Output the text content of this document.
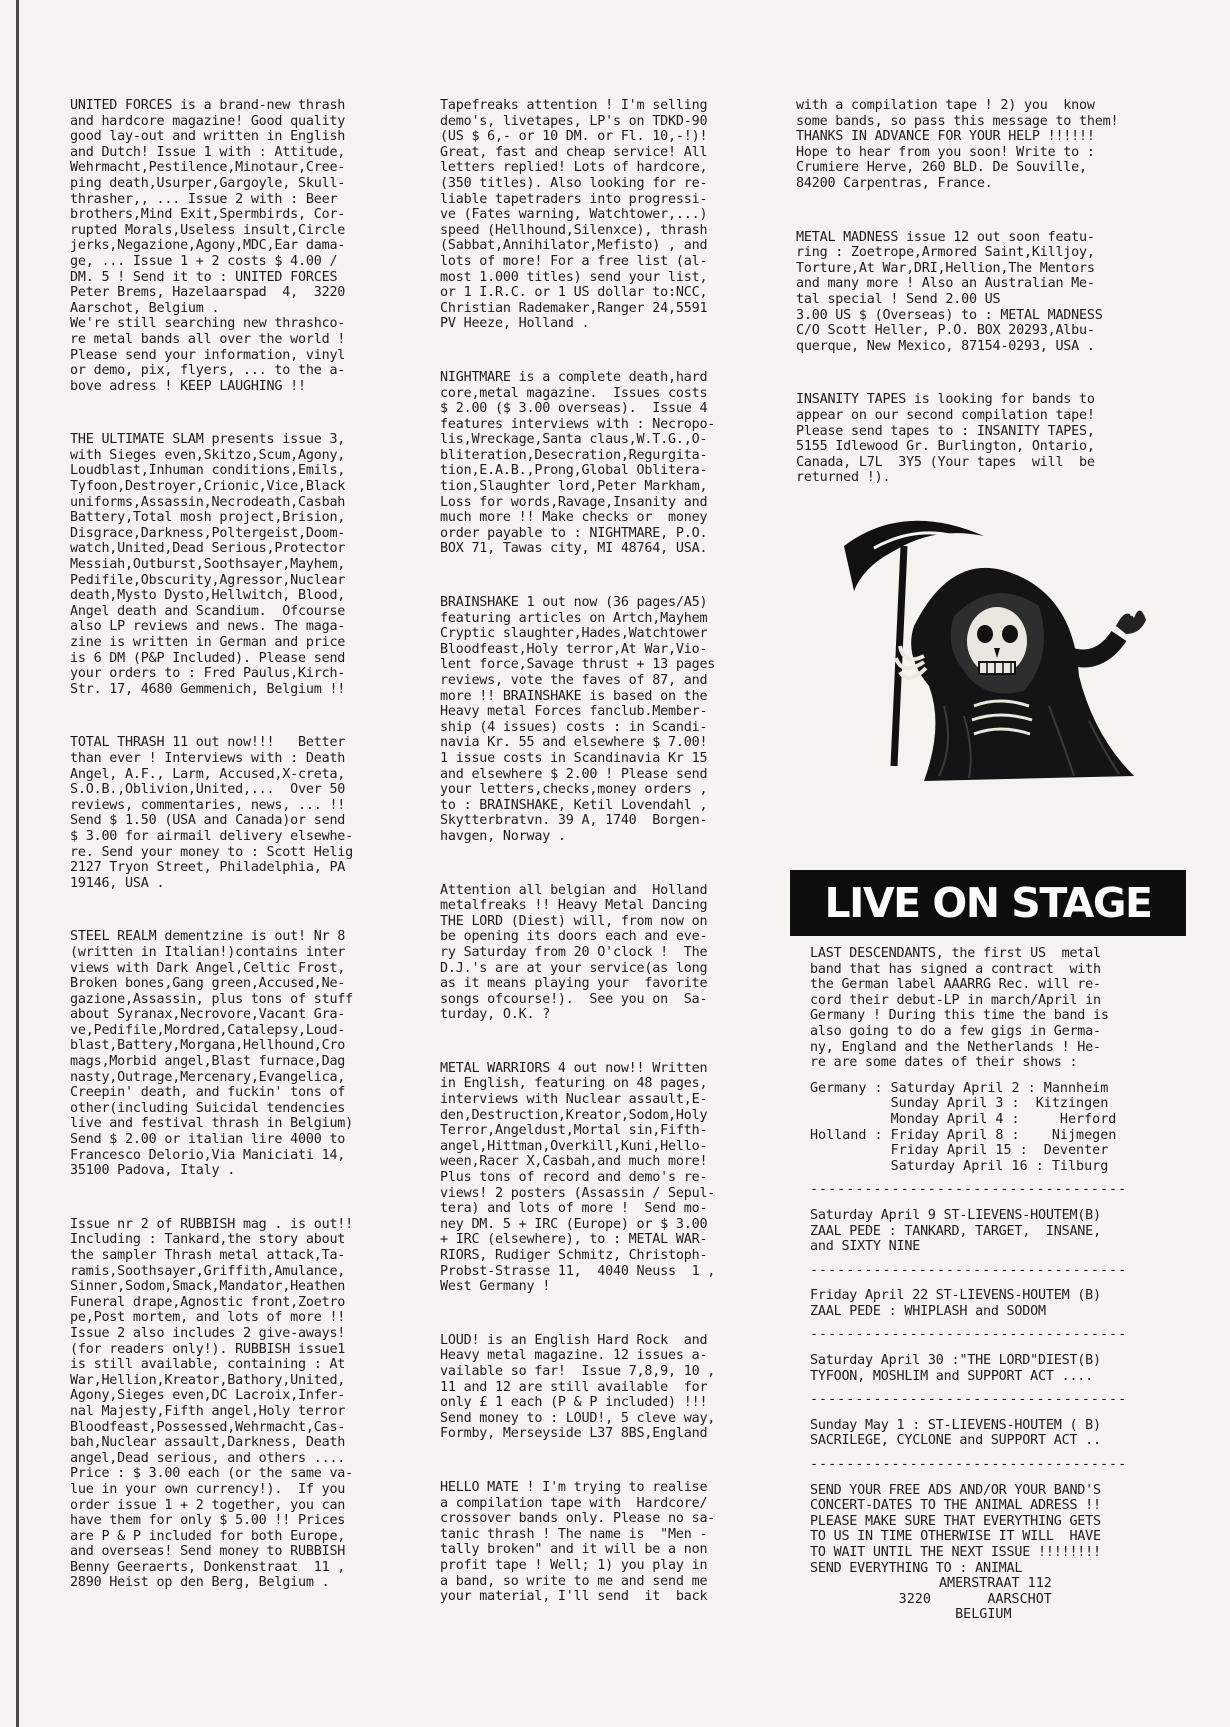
UNITED FORCES is a brand-new thrash
and hardcore magazine! Good quality
good lay-out and written in English
and Dutch! Issue 1 with : Attitude,
Wehrmacht,Pestilence,Minotaur,Cree-
ping death,Usurper,Gargoyle, Skull-
thrasher,, ... Issue 2 with : Beer
brothers,Mind Exit,Spermbirds, Cor-
rupted Morals,Useless insult,Circle
jerks,Negazione,Agony,MDC,Ear dama-
ge, ... Issue 1 + 2 costs $ 4.00 /
DM. 5 ! Send it to : UNITED FORCES
Peter Brems, Hazelaarspad  4,  3220
Aarschot, Belgium .
We're still searching new thrashco-
re metal bands all over the world !
Please send your information, vinyl
or demo, pix, flyers, ... to the a-
bove adress ! KEEP LAUGHING !!

THE ULTIMATE SLAM presents issue 3,
with Sieges even,Skitzo,Scum,Agony,
Loudblast,Inhuman conditions,Emils,
Tyfoon,Destroyer,Crionic,Vice,Black
uniforms,Assassin,Necrodeath,Casbah
Battery,Total mosh project,Brision,
Disgrace,Darkness,Poltergeist,Doom-
watch,United,Dead Serious,Protector
Messiah,Outburst,Soothsayer,Mayhem,
Pedifile,Obscurity,Agressor,Nuclear
death,Mysto Dysto,Hellwitch, Blood,
Angel death and Scandium.  Ofcourse
also LP reviews and news. The maga-
zine is written in German and price
is 6 DM (P&P Included). Please send
your orders to : Fred Paulus,Kirch-
Str. 17, 4680 Gemmenich, Belgium !!

TOTAL THRASH 11 out now!!!   Better
than ever ! Interviews with : Death
Angel, A.F., Larm, Accused,X-creta,
S.O.B.,Oblivion,United,...  Over 50
reviews, commentaries, news, ... !!
Send $ 1.50 (USA and Canada)or send
$ 3.00 for airmail delivery elsewhe-
re. Send your money to : Scott Helig
2127 Tryon Street, Philadelphia, PA
19146, USA .

STEEL REALM dementzine is out! Nr 8
(written in Italian!)contains inter
views with Dark Angel,Celtic Frost,
Broken bones,Gang green,Accused,Ne-
gazione,Assassin, plus tons of stuff
about Syranax,Necrovore,Vacant Gra-
ve,Pedifile,Mordred,Catalepsy,Loud-
blast,Battery,Morgana,Hellhound,Cro
mags,Morbid angel,Blast furnace,Dag
nasty,Outrage,Mercenary,Evangelica,
Creepin' death, and fuckin' tons of
other(including Suicidal tendencies
live and festival thrash in Belgium)
Send $ 2.00 or italian lire 4000 to
Francesco Delorio,Via Maniciati 14,
35100 Padova, Italy .

Issue nr 2 of RUBBISH mag . is out!!
Including : Tankard,the story about
the sampler Thrash metal attack,Ta-
ramis,Soothsayer,Griffith,Amulance,
Sinner,Sodom,Smack,Mandator,Heathen
Funeral drape,Agnostic front,Zoetro
pe,Post mortem, and lots of more !!
Issue 2 also includes 2 give-aways!
(for readers only!). RUBBISH issue1
is still available, containing : At
War,Hellion,Kreator,Bathory,United,
Agony,Sieges even,DC Lacroix,Infer-
nal Majesty,Fifth angel,Holy terror
Bloodfeast,Possessed,Wehrmacht,Cas-
bah,Nuclear assault,Darkness, Death
angel,Dead serious, and others ....
Price : $ 3.00 each (or the same va-
lue in your own currency!).  If you
order issue 1 + 2 together, you can
have them for only $ 5.00 !! Prices
are P & P included for both Europe,
and overseas! Send money to RUBBISH
Benny Geeraerts, Donkenstraat  11 ,
2890 Heist op den Berg, Belgium .

Tapefreaks attention ! I'm selling
demo's, livetapes, LP's on TDKD-90
(US $ 6,- or 10 DM. or Fl. 10,-!)!
Great, fast and cheap service! All
letters replied! Lots of hardcore,
(350 titles). Also looking for re-
liable tapetraders into progressi-
ve (Fates warning, Watchtower,...)
speed (Hellhound,Silenxce), thrash
(Sabbat,Annihilator,Mefisto) , and
lots of more! For a free list (al-
most 1.000 titles) send your list,
or 1 I.R.C. or 1 US dollar to:NCC,
Christian Rademaker,Ranger 24,5591
PV Heeze, Holland .

NIGHTMARE is a complete death,hard
core,metal magazine.  Issues costs
$ 2.00 ($ 3.00 overseas).  Issue 4
features interviews with : Necropo-
lis,Wreckage,Santa claus,W.T.G.,O-
bliteration,Desecration,Regurgita-
tion,E.A.B.,Prong,Global Oblitera-
tion,Slaughter lord,Peter Markham,
Loss for words,Ravage,Insanity and
much more !! Make checks or  money
order payable to : NIGHTMARE, P.O.
BOX 71, Tawas city, MI 48764, USA.

BRAINSHAKE 1 out now (36 pages/A5)
featuring articles on Artch,Mayhem
Cryptic slaughter,Hades,Watchtower
Bloodfeast,Holy terror,At War,Vio-
lent force,Savage thrust + 13 pages
reviews, vote the faves of 87, and
more !! BRAINSHAKE is based on the
Heavy metal Forces fanclub.Member-
ship (4 issues) costs : in Scandi-
navia Kr. 55 and elsewhere $ 7.00!
1 issue costs in Scandinavia Kr 15
and elsewhere $ 2.00 ! Please send
your letters,checks,money orders ,
to : BRAINSHAKE, Ketil Lovendahl ,
Skytterbratvn. 39 A, 1740  Borgen-
havgen, Norway .

Attention all belgian and  Holland
metalfreaks !! Heavy Metal Dancing
THE LORD (Diest) will, from now on
be opening its doors each and eve-
ry Saturday from 20 O'clock !  The
D.J.'s are at your service(as long
as it means playing your  favorite
songs ofcourse!).  See you on  Sa-
turday, O.K. ?

METAL WARRIORS 4 out now!! Written
in English, featuring on 48 pages,
interviews with Nuclear assault,E-
den,Destruction,Kreator,Sodom,Holy
Terror,Angeldust,Mortal sin,Fifth-
angel,Hittman,Overkill,Kuni,Hello-
ween,Racer X,Casbah,and much more!
Plus tons of record and demo's re-
views! 2 posters (Assassin / Sepul-
tera) and lots of more !  Send mo-
ney DM. 5 + IRC (Europe) or $ 3.00
+ IRC (elsewhere), to : METAL WAR-
RIORS, Rudiger Schmitz, Christoph-
Probst-Strasse 11,  4040 Neuss  1 ,
West Germany !

LOUD! is an English Hard Rock  and
Heavy metal magazine. 12 issues a-
vailable so far!  Issue 7,8,9, 10 ,
11 and 12 are still available  for
only £ 1 each (P & P included) !!!
Send money to : LOUD!, 5 cleve way,
Formby, Merseyside L37 8BS,England

HELLO MATE ! I'm trying to realise
a compilation tape with  Hardcore/
crossover bands only. Please no sa-
tanic thrash ! The name is  "Men -
tally broken" and it will be a non
profit tape ! Well; 1) you play in
a band, so write to me and send me
your material, I'll send  it  back

with a compilation tape ! 2) you  know
some bands, so pass this message to them!
THANKS IN ADVANCE FOR YOUR HELP !!!!!!
Hope to hear from you soon! Write to :
Crumiere Herve, 260 BLD. De Souville,
84200 Carpentras, France.

METAL MADNESS issue 12 out soon featu-
ring : Zoetrope,Armored Saint,Killjoy,
Torture,At War,DRI,Hellion,The Mentors
and many more ! Also an Australian Me-
tal special ! Send 2.00 US
3.00 US $ (Overseas) to : METAL MADNESS
C/O Scott Heller, P.O. BOX 20293,Albu-
querque, New Mexico, 87154-0293, USA .

INSANITY TAPES is looking for bands to
appear on our second compilation tape!
Please send tapes to : INSANITY TAPES,
5155 Idlewood Gr. Burlington, Ontario,
Canada, L7L  3Y5 (Your tapes  will  be
returned !).

LIVE ON STAGE

LAST DESCENDANTS, the first US  metal
band that has signed a contract  with
the German label AAARRG Rec. will re-
cord their debut-LP in march/April in
Germany ! During this time the band is
also going to do a few gigs in Germa-
ny, England and the Netherlands ! He-
re are some dates of their shows :

Germany : Saturday April 2 : Mannheim
Sunday April 3 :  Kitzingen
Monday April 4 :     Herford
Holland : Friday April 8 :    Nijmegen
Friday April 15 :  Deventer
Saturday April 16 : Tilburg

-----------------------------------

Saturday April 9 ST-LIEVENS-HOUTEM(B)
ZAAL PEDE : TANKARD, TARGET,  INSANE,
and SIXTY NINE

-----------------------------------

Friday April 22 ST-LIEVENS-HOUTEM (B)
ZAAL PEDE : WHIPLASH and SODOM

-----------------------------------

Saturday April 30 :"THE LORD"DIEST(B)
TYFOON, MOSHLIM and SUPPORT ACT ....

-----------------------------------

Sunday May 1 : ST-LIEVENS-HOUTEM ( B)
SACRILEGE, CYCLONE and SUPPORT ACT ..

-----------------------------------

SEND YOUR FREE ADS AND/OR YOUR BAND'S
CONCERT-DATES TO THE ANIMAL ADRESS !!
PLEASE MAKE SURE THAT EVERYTHING GETS
TO US IN TIME OTHERWISE IT WILL  HAVE
TO WAIT UNTIL THE NEXT ISSUE !!!!!!!!
SEND EVERYTHING TO : ANIMAL

AMERSTRAAT 112
3220       AARSCHOT
BELGIUM
